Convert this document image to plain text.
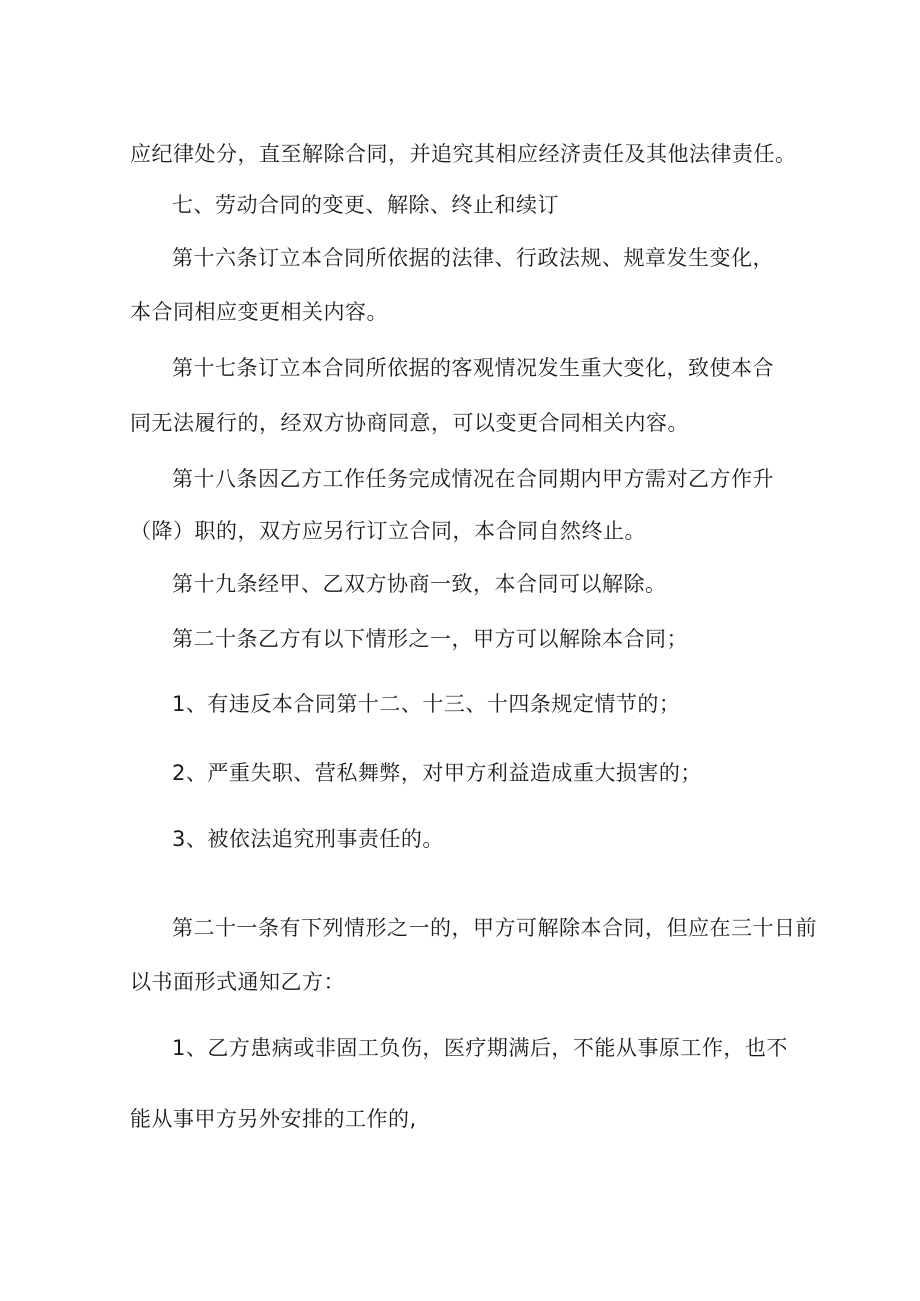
应纪律处分，直至解除合同，并追究其相应经济责任及其他法律责任。
七、劳动合同的变更、解除、终止和续订
第十六条订立本合同所依据的法律、行政法规、规章发生变化，
本合同相应变更相关内容。
第十七条订立本合同所依据的客观情况发生重大变化，致使本合
同无法履行的，经双方协商同意，可以变更合同相关内容。
第十八条因乙方工作任务完成情况在合同期内甲方需对乙方作升
（降）职的，双方应另行订立合同，本合同自然终止。
第十九条经甲、乙双方协商一致，本合同可以解除。
第二十条乙方有以下情形之一，甲方可以解除本合同；
1、有违反本合同第十二、十三、十四条规定情节的；
2、严重失职、营私舞弊，对甲方利益造成重大损害的；
3、被依法追究刑事责任的。
第二十一条有下列情形之一的，甲方可解除本合同，但应在三十日前
以书面形式通知乙方：
1、乙方患病或非固工负伤，医疗期满后，不能从事原工作，也不
能从事甲方另外安排的工作的,
